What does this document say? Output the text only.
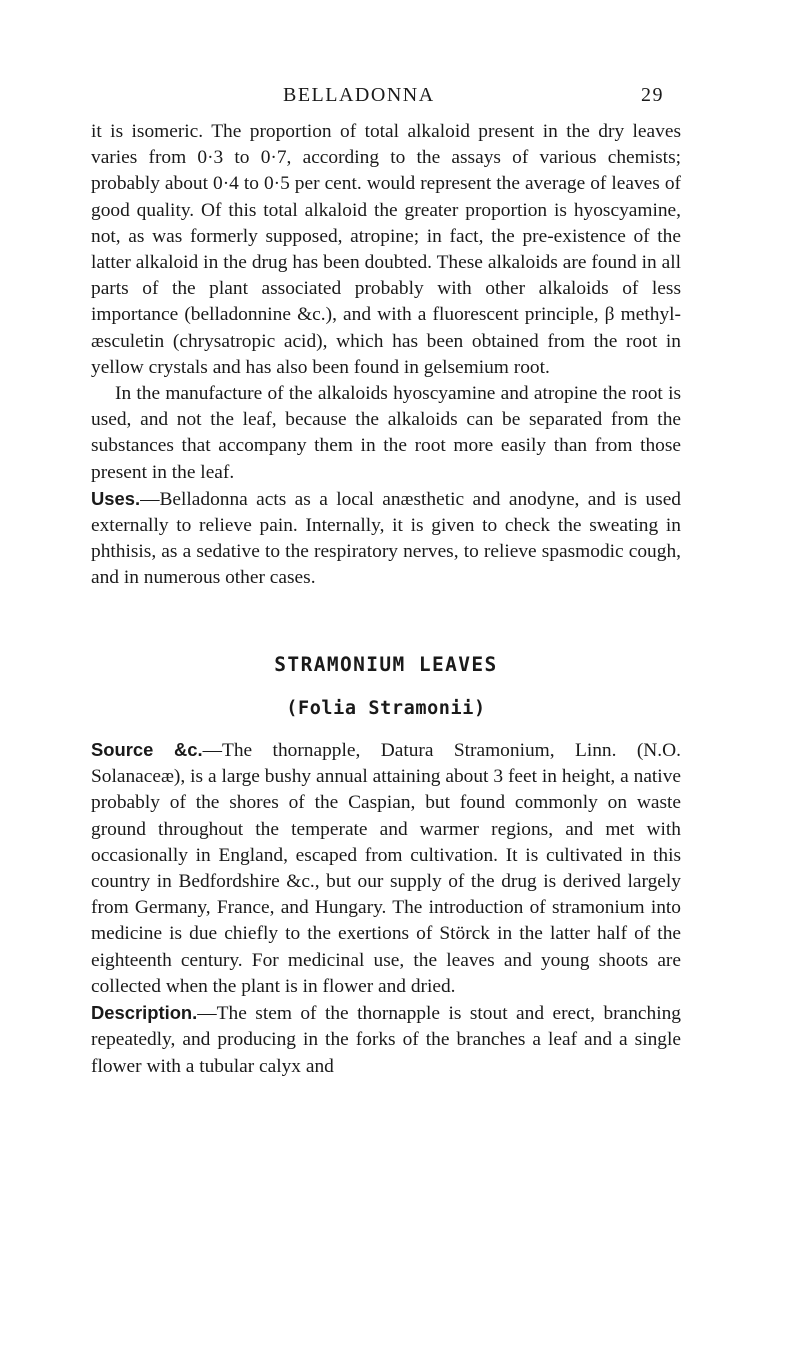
BELLADONNA	29

it is isomeric. The proportion of total alkaloid present in the dry leaves varies from 0·3 to 0·7, according to the assays of various chemists; probably about 0·4 to 0·5 per cent. would represent the average of leaves of good quality. Of this total alkaloid the greater proportion is hyoscyamine, not, as was formerly supposed, atropine; in fact, the pre-existence of the latter alkaloid in the drug has been doubted. These alkaloids are found in all parts of the plant associated probably with other alkaloids of less importance (belladonnine &c.), and with a fluorescent principle, β methyl-æsculetin (chrysatropic acid), which has been obtained from the root in yellow crystals and has also been found in gelsemium root.

In the manufacture of the alkaloids hyoscyamine and atropine the root is used, and not the leaf, because the alkaloids can be separated from the substances that accompany them in the root more easily than from those present in the leaf.

Uses.—Belladonna acts as a local anæsthetic and anodyne, and is used externally to relieve pain. Internally, it is given to check the sweating in phthisis, as a sedative to the respiratory nerves, to relieve spasmodic cough, and in numerous other cases.

STRAMONIUM LEAVES
(Folia Stramonii)

Source &c.—The thornapple, Datura Stramonium, Linn. (N.O. Solanaceæ), is a large bushy annual attaining about 3 feet in height, a native probably of the shores of the Caspian, but found commonly on waste ground throughout the temperate and warmer regions, and met with occasionally in England, escaped from cultivation. It is cultivated in this country in Bedfordshire &c., but our supply of the drug is derived largely from Germany, France, and Hungary. The introduction of stramonium into medicine is due chiefly to the exertions of Störck in the latter half of the eighteenth century. For medicinal use, the leaves and young shoots are collected when the plant is in flower and dried.

Description.—The stem of the thornapple is stout and erect, branching repeatedly, and producing in the forks of the branches a leaf and a single flower with a tubular calyx and
